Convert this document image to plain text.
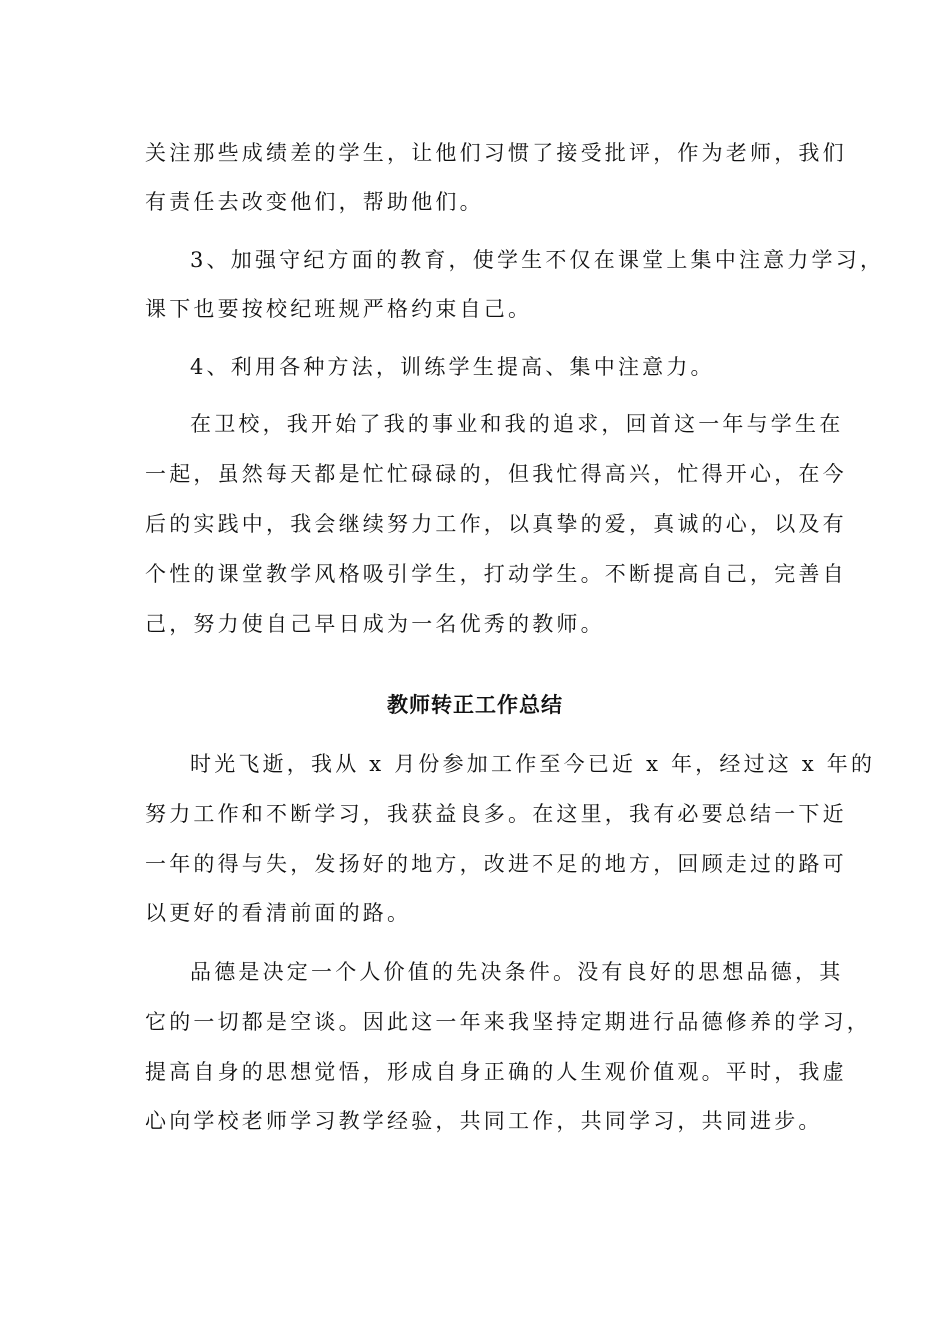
关注那些成绩差的学生，让他们习惯了接受批评，作为老师，我们
有责任去改变他们，帮助他们。
3、加强守纪方面的教育，使学生不仅在课堂上集中注意力学习，
课下也要按校纪班规严格约束自己。
4、利用各种方法，训练学生提高、集中注意力。
在卫校，我开始了我的事业和我的追求，回首这一年与学生在
一起，虽然每天都是忙忙碌碌的，但我忙得高兴，忙得开心，在今
后的实践中，我会继续努力工作，以真挚的爱，真诚的心，以及有
个性的课堂教学风格吸引学生，打动学生。不断提高自己，完善自
己，努力使自己早日成为一名优秀的教师。
教师转正工作总结
时光飞逝，我从 x 月份参加工作至今已近 x 年，经过这 x 年的
努力工作和不断学习，我获益良多。在这里，我有必要总结一下近
一年的得与失，发扬好的地方，改进不足的地方，回顾走过的路可
以更好的看清前面的路。
品德是决定一个人价值的先决条件。没有良好的思想品德，其
它的一切都是空谈。因此这一年来我坚持定期进行品德修养的学习，
提高自身的思想觉悟，形成自身正确的人生观价值观。平时，我虚
心向学校老师学习教学经验，共同工作，共同学习，共同进步。
